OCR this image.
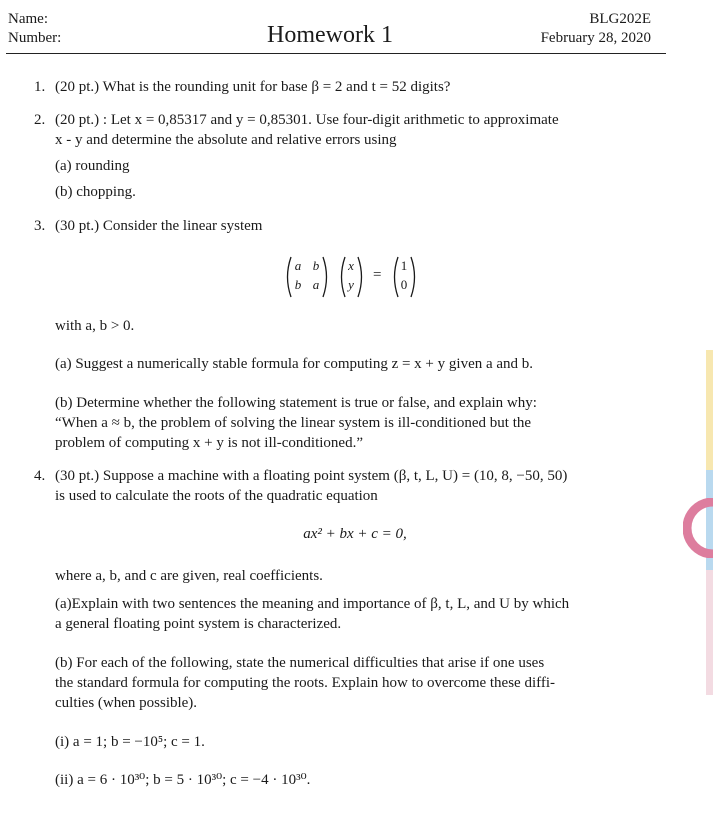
Name:
Number:	Homework 1
BLG202E
February 28, 2020
1. (20 pt.) What is the rounding unit for base β = 2 and t = 52 digits?
2. (20 pt.) : Let x = 0,85317 and y = 0,85301. Use four-digit arithmetic to approximate
x - y and determine the absolute and relative errors using
(a) rounding
(b) chopping.
3. (30 pt.) Consider the linear system
a b
b a
x
y
=
1
0
with a, b > 0.
(a) Suggest a numerically stable formula for computing z = x + y given a and b.
(b) Determine whether the following statement is true or false, and explain why:
“When a ≈ b, the problem of solving the linear system is ill-conditioned but the
problem of computing x + y is not ill-conditioned.”
4. (30 pt.) Suppose a machine with a floating point system (β, t, L, U) = (10, 8, −50, 50)
is used to calculate the roots of the quadratic equation
ax² + bx + c = 0,
where a, b, and c are given, real coefficients.
(a)Explain with two sentences the meaning and importance of β, t, L, and U by which
a general floating point system is characterized.
(b) For each of the following, state the numerical difficulties that arise if one uses
the standard formula for computing the roots. Explain how to overcome these diffi-
culties (when possible).
(i) a = 1; b = −10⁵; c = 1.
(ii) a = 6 · 10³⁰; b = 5 · 10³⁰; c = −4 · 10³⁰.
